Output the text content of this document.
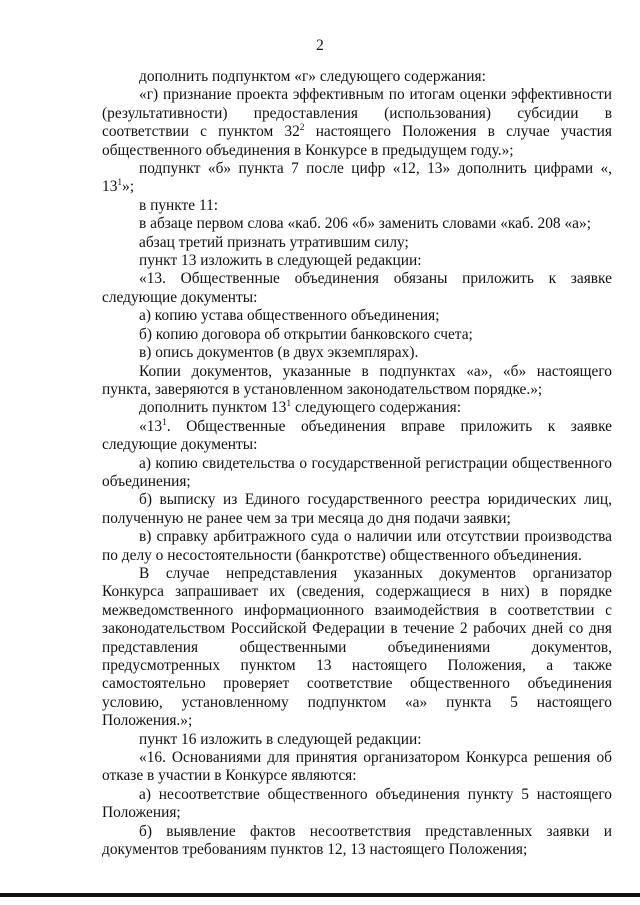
2

дополнить подпунктом «г» следующего содержания:

«г) признание проекта эффективным по итогам оценки эффективности (результативности) предоставления (использования) субсидии в соответствии с пунктом $32^2$ настоящего Положения в случае участия общественного объединения в Конкурсе в предыдущем году.»;

подпункт «б» пункта 7 после цифр «12, 13» дополнить цифрами «, $13^1$»;

в пункте 11:

в абзаце первом слова «каб. 206 «б» заменить словами «каб. 208 «а»;

абзац третий признать утратившим силу;

пункт 13 изложить в следующей редакции:

«13. Общественные объединения обязаны приложить к заявке следующие документы:

а) копию устава общественного объединения;

б) копию договора об открытии банковского счета;

в) опись документов (в двух экземплярах).

Копии документов, указанные в подпунктах «а», «б» настоящего пункта, заверяются в установленном законодательством порядке.»;

дополнить пунктом $13^1$ следующего содержания:

«$13^1$. Общественные объединения вправе приложить к заявке следующие документы:

а) копию свидетельства о государственной регистрации общественного объединения;

б) выписку из Единого государственного реестра юридических лиц, полученную не ранее чем за три месяца до дня подачи заявки;

в) справку арбитражного суда о наличии или отсутствии производства по делу о несостоятельности (банкротстве) общественного объединения.

В случае непредставления указанных документов организатор Конкурса запрашивает их (сведения, содержащиеся в них) в порядке межведомственного информационного взаимодействия в соответствии с законодательством Российской Федерации в течение 2 рабочих дней со дня представления общественными объединениями документов, предусмотренных пунктом 13 настоящего Положения, а также самостоятельно проверяет соответствие общественного объединения условию, установленному подпунктом «а» пункта 5 настоящего Положения.»;

пункт 16 изложить в следующей редакции:

«16. Основаниями для принятия организатором Конкурса решения об отказе в участии в Конкурсе являются:

а) несоответствие общественного объединения пункту 5 настоящего Положения;

б) выявление фактов несоответствия представленных заявки и документов требованиям пунктов 12, 13 настоящего Положения;
